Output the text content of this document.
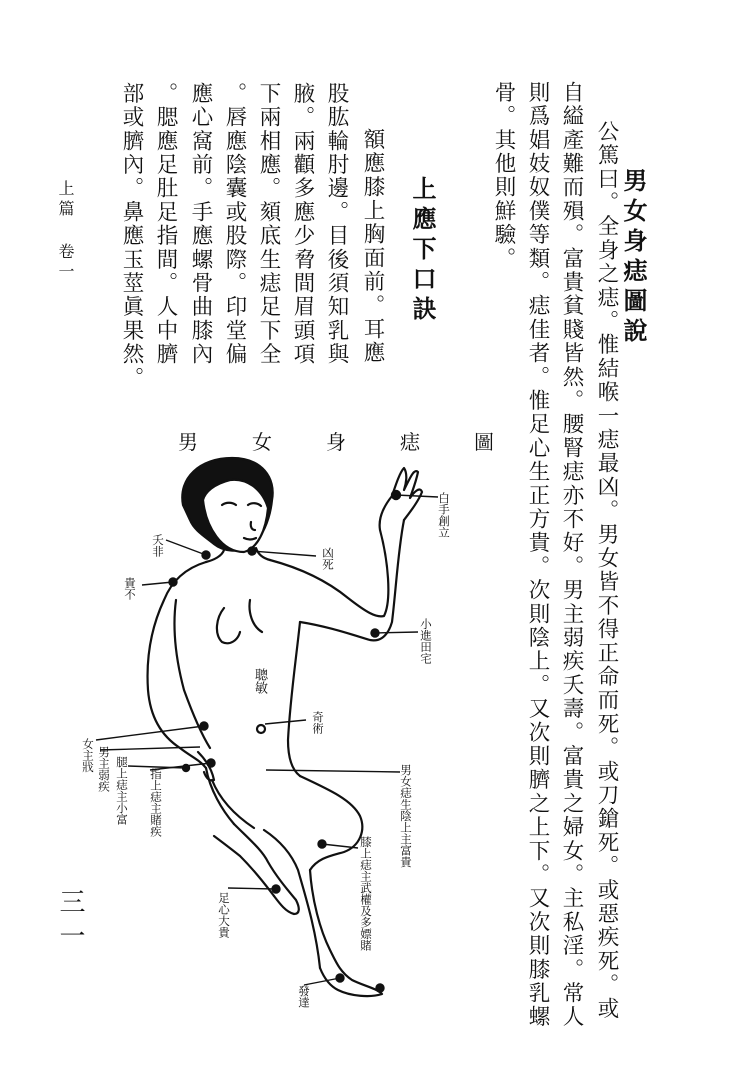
男女身痣圖說
公篤曰。全身之痣。惟結喉一痣最凶。男女皆不得正命而死。或刀鎗死。或惡疾死。或
自縊產難而殞。富貴貧賤皆然。腰腎痣亦不好。男主弱疾夭壽。富貴之婦女。主私淫。常人
則爲娼妓奴僕等類。痣佳者。惟足心生正方貴。次則陰上。又次則臍之上下。又次則膝乳螺
骨。其他則鮮驗。
上應下口訣
額應膝上胸面前。耳應
股肱輪肘邊。目後須知乳與
腋。兩顴多應少脅間眉頭項
下兩相應。頦底生痣足下全
。唇應陰囊或股際。印堂偏
應心窩前。手應螺骨曲膝內
。腮應足肚足指間。人中臍
部或臍內。鼻應玉莖眞果然。
上篇 卷一
三一
男女身痣圖
白手創立
凶死
夭非
貴不
小進田宅
聰敏
奇術
女主戕 男主弱疾 腿上痣主小富 指上痣主賭疾	男女痣生陰上主富貴
膝上痣主武權及多嫖賭
足心大貴
發達
